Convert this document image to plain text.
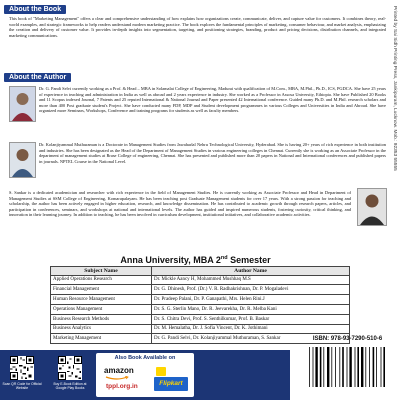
About the Book

This book of "Marketing Management" offers a clear and comprehensive understanding of how explains how organizations create, communicate, deliver, and capture value for customers. It combines theory, real-world examples, and strategic frameworks to help readers understand modern marketing practice. The book explores the fundamental principles of marketing, consumer behaviour, and market analysis, emphasizing the creation and delivery of customer value. It provides in-depth insights into segmentation, targeting, and positioning strategies, branding, product and pricing decisions, distribution channels, and integrated marketing communications.

About the Author

Dr. G. Pandi Selvi currently working as a Prof. & Head – MBA in Solamalai College of Engineering, Madurai with qualification of M.Com., MBA, M.Phil., Ph.D., ICS, PGDCA. She have 25 years of experience in teaching and administration in India as well as abroad and 2 years experience in industry. She worked as a Professor in Assosa University, Ethiopia. She have Published 20 Books and 11 Scopus indexed Journal, 7 Patents and 25 reputed International & National Journal and Paper presented 42 International conference. Guided many Ph.D. and M.Phil. research scholars and more than 400 Post graduate student's Project. She have conducted many FDP, MDP and Student development programmes in various Colleges and Universities in India and Abroad. She have organized more Seminars, Workshops, Conference and training programs for students as well as faculty members.

Dr. Kolanjiyammal Muthuraman is a Doctorate in Management Studies from Jawaharlal Nehru Technological University, Hyderabad. She is having 20+ years of rich experience in both institution and industries. She has been designated as the Head of the Department of Management Studies in various engineering colleges in Chennai. Currently she is working as an Associate Professor in the department of management studies at Rrase College of engineering, Chennai. She has presented and published more than 20 papers in National and International conferences and published papers in journals. NPTEL Course in the National Level.

S. Sankar is a dedicated academician and researcher with rich experience in the field of Management Studies. He is currently working as Associate Professor and Head in Department of Management Studies at SSM College of Engineering, Komarapalayam. He has been teaching post Graduate Management students for over 17 years. With a strong passion for teaching and scholarship, the author has been actively engaged in higher education, research, and knowledge dissemination. He has contributed to academic growth through research papers, articles, and participation in conferences, seminars, and workshops at national and international levels. The author has guided and inspired numerous students, fostering curiosity, critical thinking, and innovation in their learning journey. In addition to teaching, he has been involved in curriculum development, institutional initiatives, and collaborative academic activities.

Anna University, MBA 2nd Semester
Subject Name	Author Name
Applied Operations Research	Dr. Mickle Aancy H, Mohammed Mushhaq M.S
Financial Management	Dr. G. Dhinesh, Prof. (Dr.) V. R. Radhakrishnan, Dr. P. Mogaladevi
Human Resource Management	Dr. Pradeep Palani, Dr. P. Ganapathi, Mrs. Helen Rini.J
Operations Management	Dr. S. G. Sterlin Mano, Dr. R. Jeevarekha, Dr. R. Melba Kani
Business Research Methods	Dr. S. Chitra Devi, Prof. S. Senthilkumar, Prof. B. Baskar
Business Analytics	Dr. M. Hemalatha, Dr. J. Sofia Vincent, Dr. K. Jothimani
Marketing Management	Dr. G. Pandi Selvi, Dr. Kolanjiyammal Muthuraman, S. Sankar
Scan QR Code for Official Website
Buy E-Book Edition at Google Play Books
Also Book Available on
amazon
tppl.org.in	Flipkart
ISBN: 978-93-7290-510-6
Printed by Sai Sidh Printing Press, Jankipuram, Lucknow. Mob.: 92353 55555
